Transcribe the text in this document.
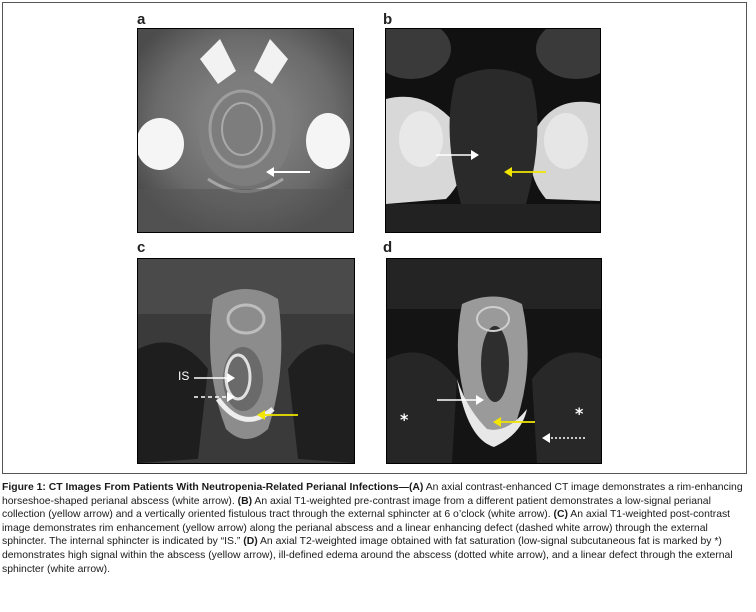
a	b
c	d
IS
*	*
Figure 1: CT Images From Patients With Neutropenia-Related Perianal Infections—(A) An axial contrast-enhanced CT image demonstrates a rim-enhancing horseshoe-shaped perianal abscess (white arrow). (B) An axial T1-weighted pre-contrast image from a different patient demonstrates a low-signal perianal collection (yellow arrow) and a vertically oriented fistulous tract through the external sphincter at 6 o’clock (white arrow). (C) An axial T1-weighted post-contrast image demonstrates rim enhancement (yellow arrow) along the perianal abscess and a linear enhancing defect (dashed white arrow) through the external sphincter. The internal sphincter is indicated by “IS.” (D) An axial T2-weighted image obtained with fat saturation (low-signal subcutaneous fat is marked by *) demonstrates high signal within the abscess (yellow arrow), ill-defined edema around the abscess (dotted white arrow), and a linear defect through the external sphincter (white arrow).
